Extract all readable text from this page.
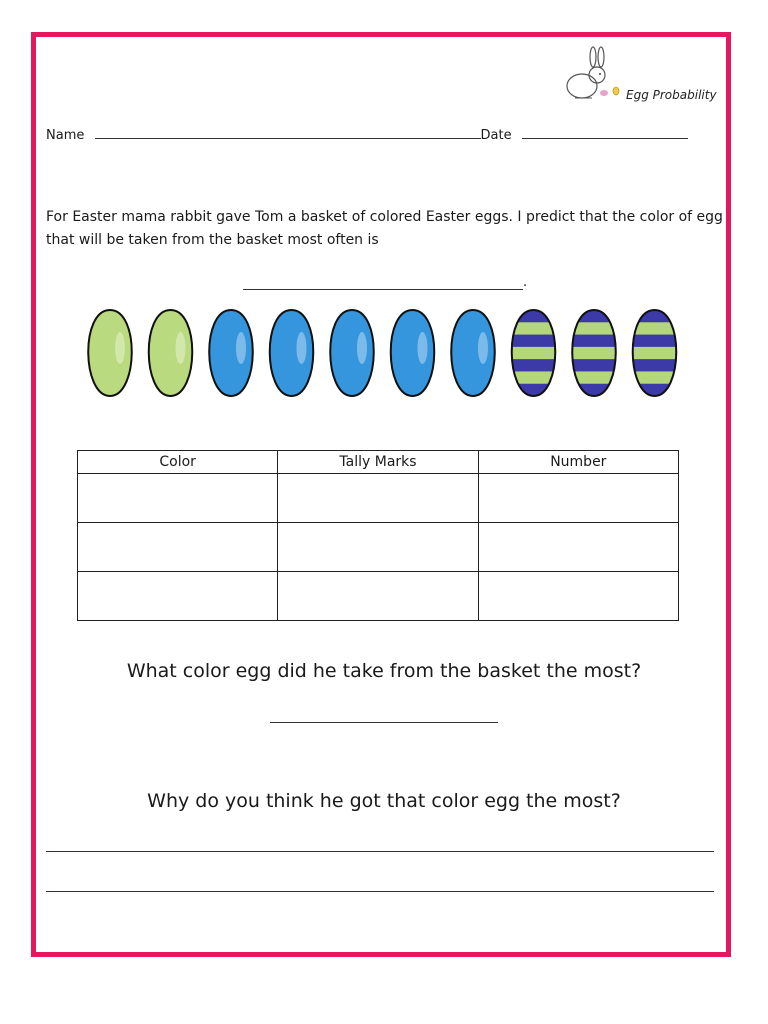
Egg Probability
Name	Date
For Easter mama rabbit gave Tom a basket of colored Easter eggs. I predict that the color of egg that will be taken from the basket most often is
.
Color	Tally Marks	Number

What color egg did he take from the basket the most?
Why do you think he got that color egg the most?
